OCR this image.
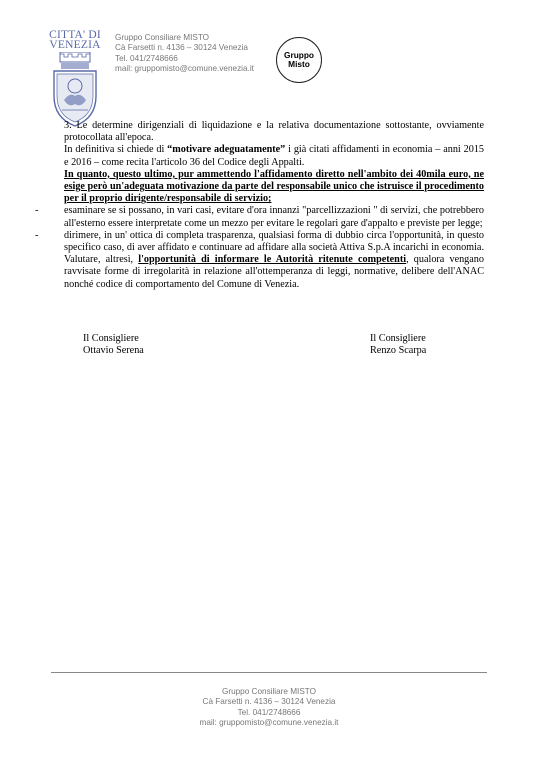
CITTA' DI
VENEZIA
Gruppo Consiliare MISTO
Cà Farsetti n. 4136 – 30124 Venezia
Tel. 041/2748666
mail: gruppomisto@comune.venezia.it
Gruppo
Misto

3. Le determine dirigenziali di liquidazione e la relativa documentazione sottostante, ovviamente protocollata all'epoca.

In definitiva si chiede di “motivare adeguatamente” i già citati affidamenti in economia – anni 2015 e 2016 – come recita l'articolo 36 del Codice degli Appalti.

In quanto, questo ultimo, pur ammettendo l'affidamento diretto nell'ambito dei 40mila euro, ne esige però un'adeguata motivazione da parte del responsabile unico che istruisce il procedimento per il proprio dirigente/responsabile di servizio;

-	esaminare se si possano, in vari casi, evitare d'ora innanzi "parcellizzazioni " di servizi, che potrebbero all'esterno essere interpretate come un mezzo per evitare le regolari gare d'appalto e previste per legge;
-	dirimere, in un' ottica di completa trasparenza, qualsiasi forma di dubbio circa l'opportunità, in questo specifico caso, di aver affidato e continuare ad affidare alla società Attiva S.p.A incarichi in economia. Valutare, altresì, l'opportunità di informare le Autorità ritenute competenti, qualora vengano ravvisate forme di irregolarità in relazione all'ottemperanza di leggi, normative, delibere dell'ANAC nonché codice di comportamento del Comune di Venezia.
Il Consigliere
Ottavio Serena
Il Consigliere
Renzo Scarpa
Gruppo Consiliare MISTO
Cà Farsetti n. 4136 – 30124 Venezia
Tel. 041/2748666
mail: gruppomisto@comune.venezia.it
